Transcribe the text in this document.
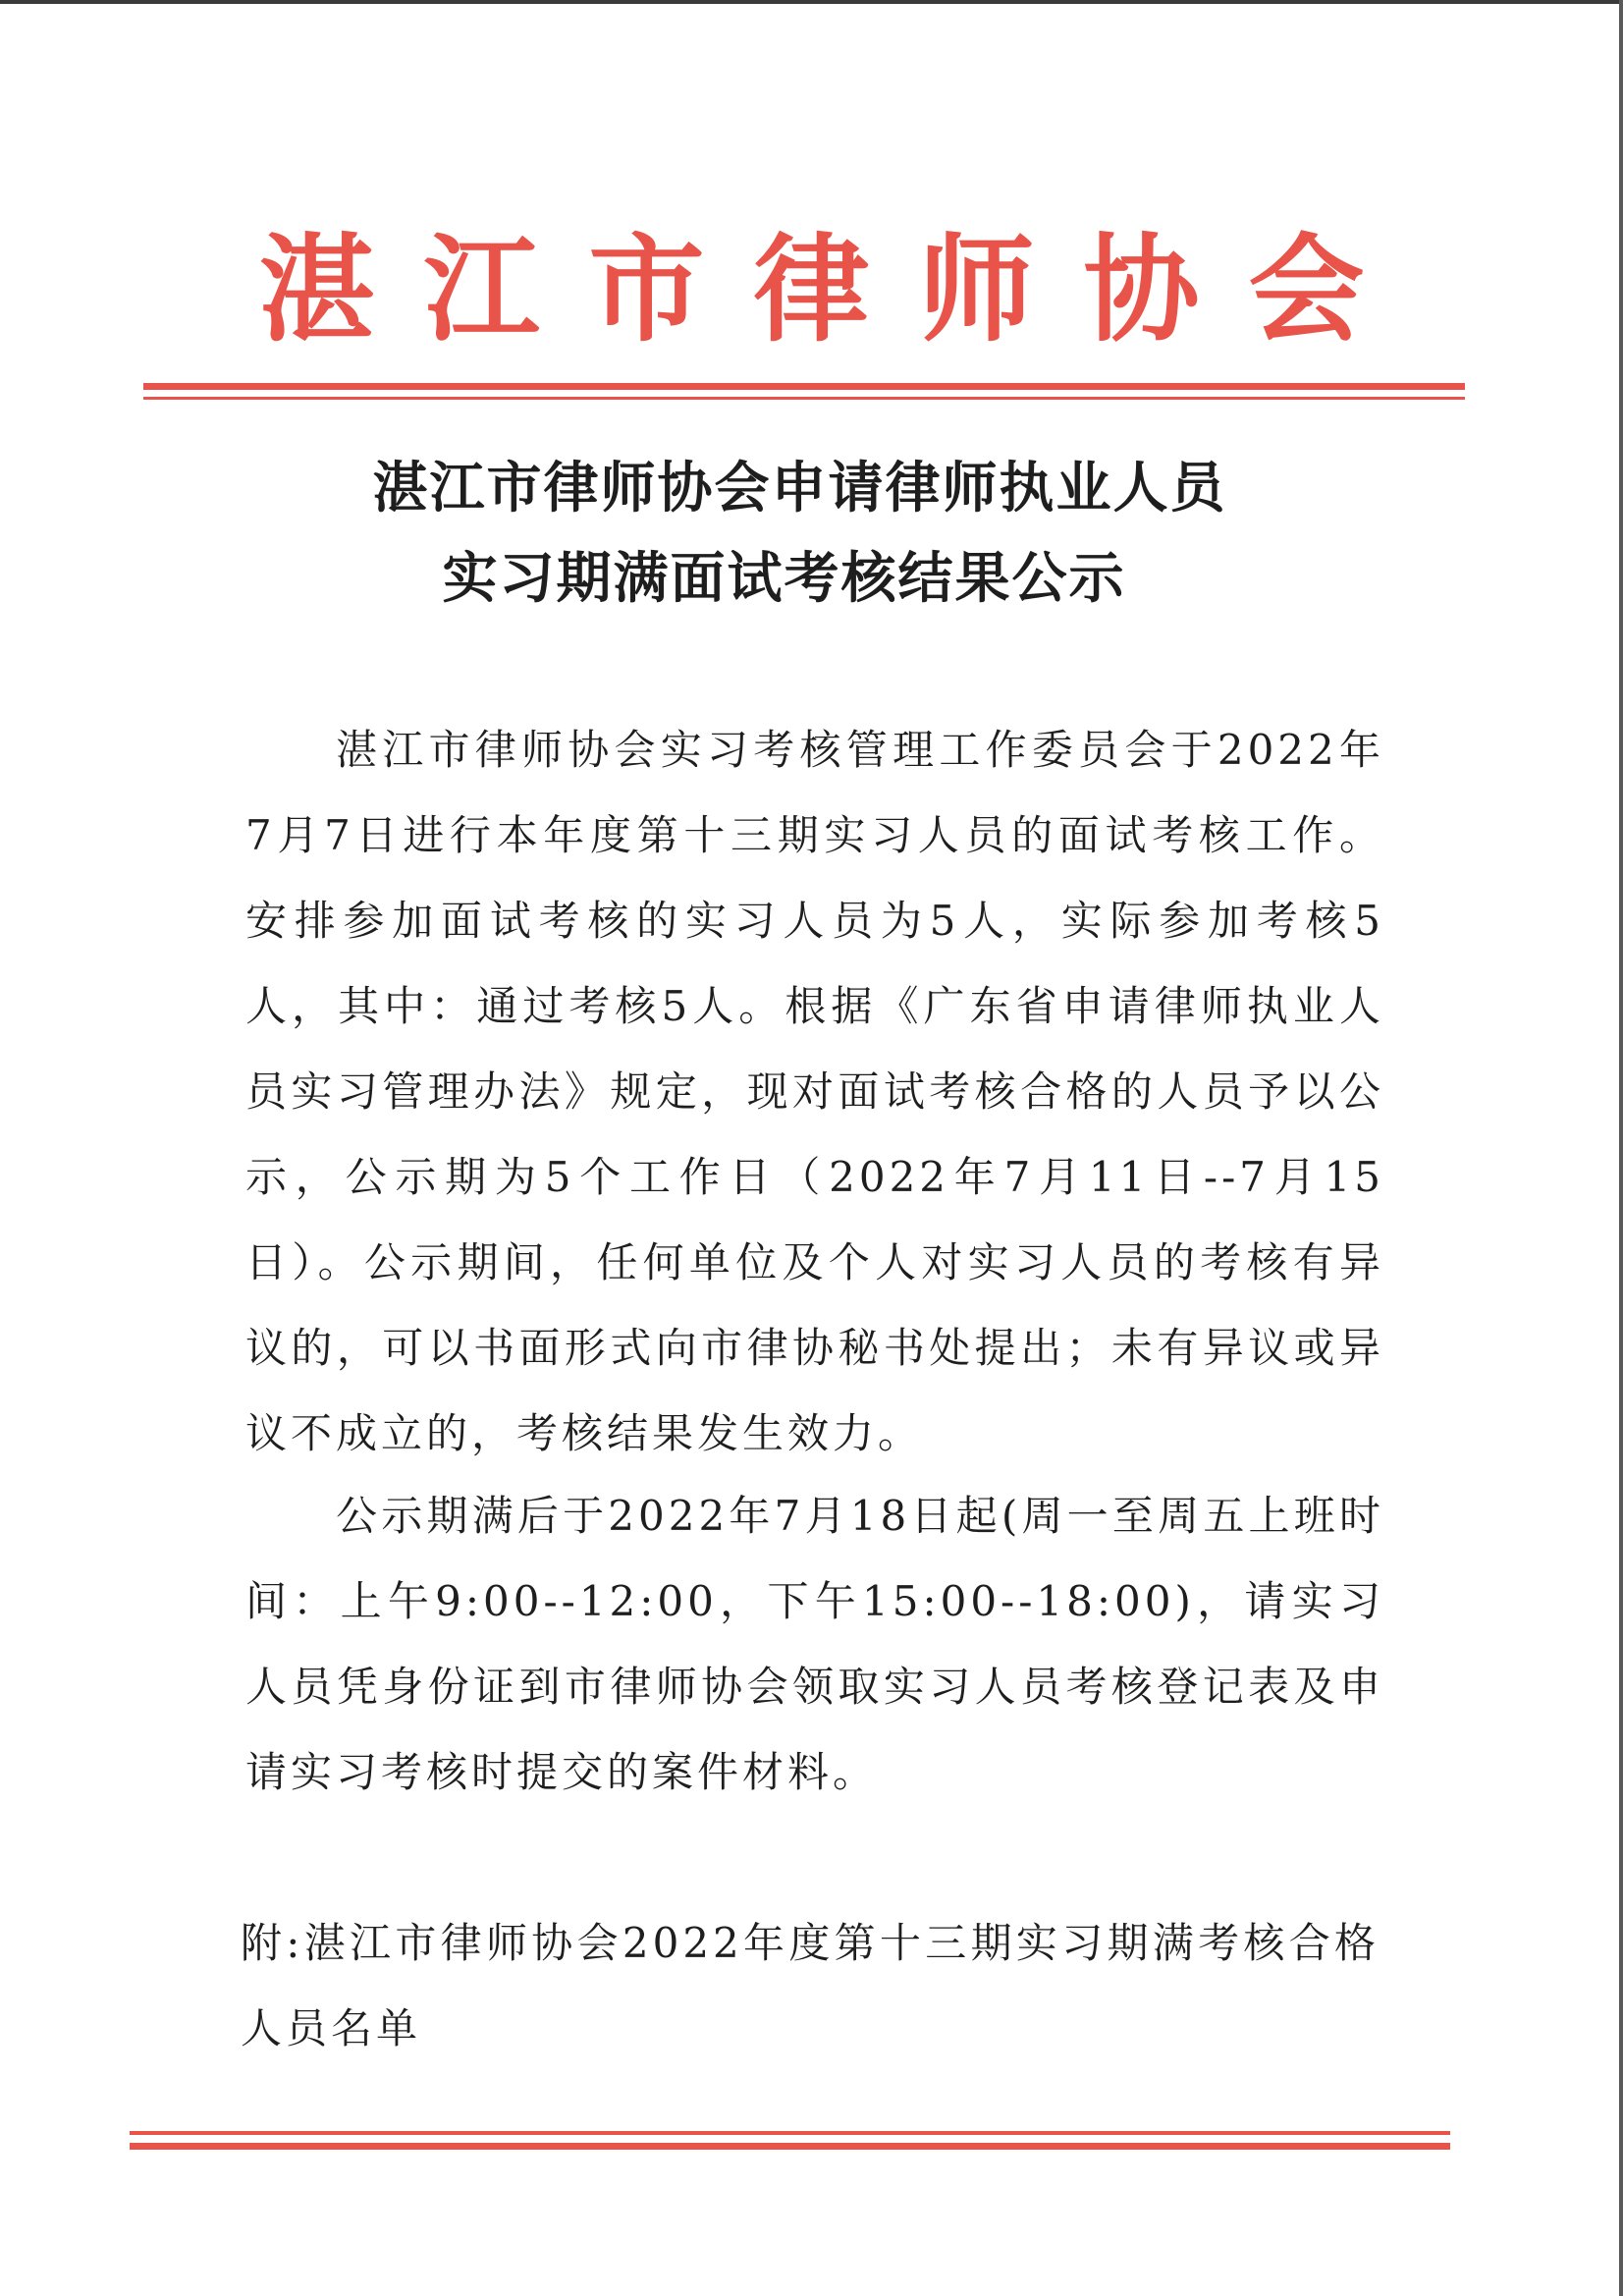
湛江市律师协会
湛江市律师协会申请律师执业人员
实习期满面试考核结果公示

湛江市律师协会实习考核管理工作委员会于2022年7月7日进行本年度第十三期实习人员的面试考核工作。安排参加面试考核的实习人员为5人，实际参加考核5人，其中：通过考核5人。根据《广东省申请律师执业人员实习管理办法》规定，现对面试考核合格的人员予以公示，公示期为5个工作日（2022年7月11日--7月15日）。公示期间，任何单位及个人对实习人员的考核有异议的，可以书面形式向市律协秘书处提出；未有异议或异议不成立的，考核结果发生效力。

公示期满后于2022年7月18日起(周一至周五上班时间：上午9:00--12:00，下午15:00--18:00)，请实习人员凭身份证到市律师协会领取实习人员考核登记表及申请实习考核时提交的案件材料。

附:湛江市律师协会2022年度第十三期实习期满考核合格人员名单
